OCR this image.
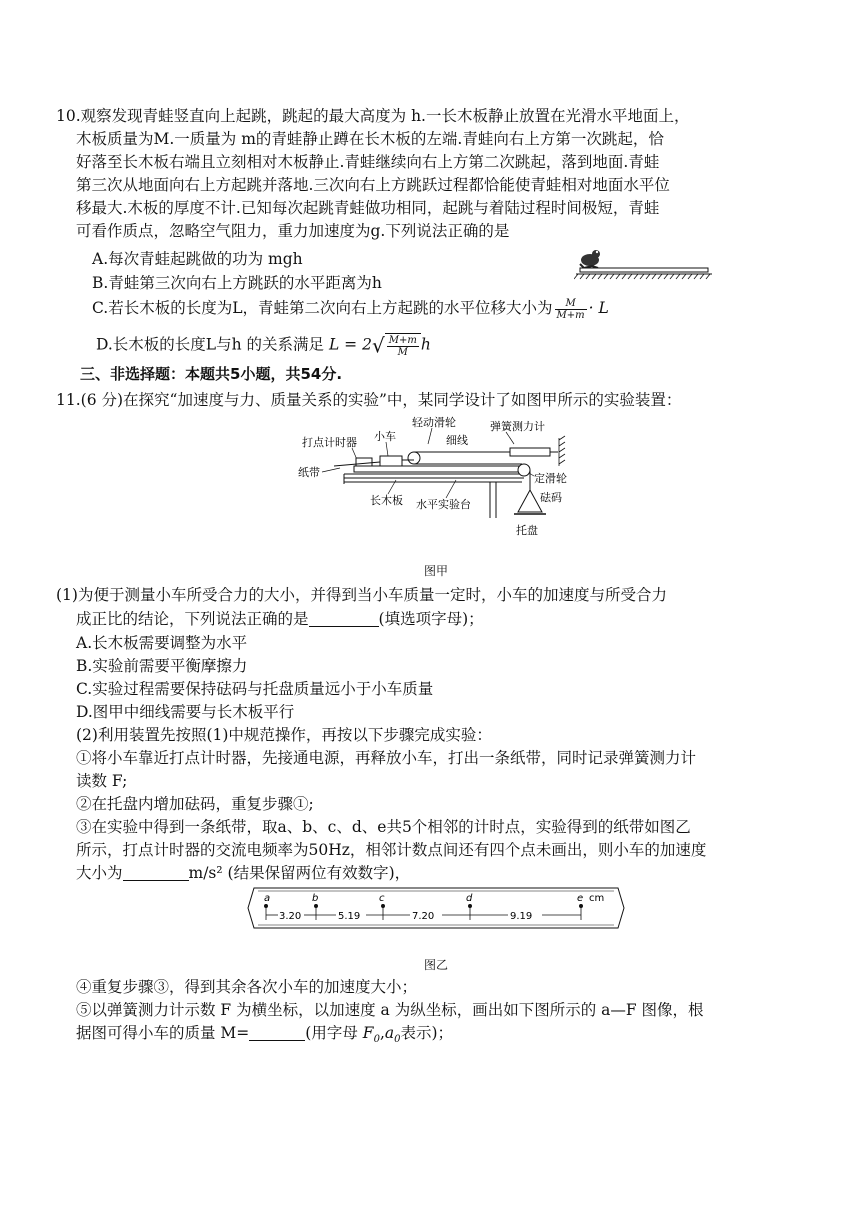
10.观察发现青蛙竖直向上起跳，跳起的最大高度为 h.一长木板静止放置在光滑水平地面上，
木板质量为M.一质量为 m的青蛙静止蹲在长木板的左端.青蛙向右上方第一次跳起，恰
好落至长木板右端且立刻相对木板静止.青蛙继续向右上方第二次跳起，落到地面.青蛙
第三次从地面向右上方起跳并落地.三次向右上方跳跃过程都恰能使青蛙相对地面水平位
移最大.木板的厚度不计.已知每次起跳青蛙做功相同，起跳与着陆过程时间极短，青蛙
可看作质点，忽略空气阻力，重力加速度为g.下列说法正确的是
A.每次青蛙起跳做的功为 mgh
B.青蛙第三次向右上方跳跃的水平距离为h
C.若长木板的长度为L，青蛙第二次向右上方起跳的水平位移大小为 $\frac{M}{M+m} \cdot L$
D.长木板的长度L与h 的关系满足 $L = 2√ \frac{M+m}{M}$ h
三、非选择题：本题共5小题，共54分.
11.(6 分)在探究“加速度与力、质量关系的实验”中，某同学设计了如图甲所示的实验装置：
打点计时器 小车
轻动滑轮
细线
弹簧测力计
纸带	定滑轮
长木板 水平实验台
砝码
托盘
图甲
(1)为便于测量小车所受合力的大小，并得到当小车质量一定时，小车的加速度与所受合力
成正比的结论，下列说法正确的是	(填选项字母)；
A.长木板需要调整为水平
B.实验前需要平衡摩擦力
C.实验过程需要保持砝码与托盘质量远小于小车质量
D.图甲中细线需要与长木板平行
(2)利用装置先按照(1)中规范操作，再按以下步骤完成实验：
①将小车靠近打点计时器，先接通电源，再释放小车，打出一条纸带，同时记录弹簧测力计
读数 F;
②在托盘内增加砝码，重复步骤①;
③在实验中得到一条纸带，取a、b、c、d、e共5个相邻的计时点，实验得到的纸带如图乙
所示，打点计时器的交流电频率为50Hz，相邻计数点间还有四个点未画出，则小车的加速度
大小为	m/s² (结果保留两位有效数字)，
a	b	c	d	e cm
3.20	5.19	7.20	9.19
图乙
④重复步骤③，得到其余各次小车的加速度大小；
⑤以弹簧测力计示数 F 为横坐标，以加速度 a 为纵坐标，画出如下图所示的 a—F 图像，根
据图可得小车的质量 M=	(用字母 $F_0,a_0$表示)；
